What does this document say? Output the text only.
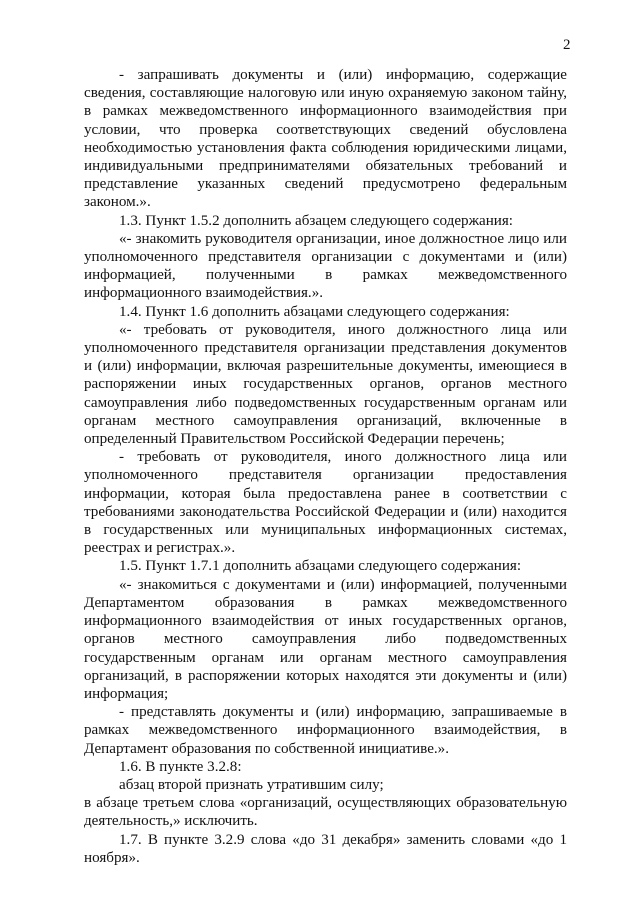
2

- запрашивать документы и (или) информацию, содержащие сведения, составляющие налоговую или иную охраняемую законом тайну, в рамках межведомственного информационного взаимодействия при условии, что проверка соответствующих сведений обусловлена необходимостью установления факта соблюдения юридическими лицами, индивидуальными предпринимателями обязательных требований и представление указанных сведений предусмотрено федеральным законом.».

1.3. Пункт 1.5.2 дополнить абзацем следующего содержания:

«- знакомить руководителя организации, иное должностное лицо или уполномоченного представителя организации с документами и (или) информацией, полученными в рамках межведомственного информационного взаимодействия.».

1.4. Пункт 1.6 дополнить абзацами следующего содержания:

«- требовать от руководителя, иного должностного лица или уполномоченного представителя организации представления документов и (или) информации, включая разрешительные документы, имеющиеся в распоряжении иных государственных органов, органов местного самоуправления либо подведомственных государственным органам или органам местного самоуправления организаций, включенные в определенный Правительством Российской Федерации перечень;

- требовать от руководителя, иного должностного лица или уполномоченного представителя организации предоставления информации, которая была предоставлена ранее в соответствии с требованиями законодательства Российской Федерации и (или) находится в государственных или муниципальных информационных системах, реестрах и регистрах.».

1.5. Пункт 1.7.1 дополнить абзацами следующего содержания:

«- знакомиться с документами и (или) информацией, полученными Департаментом образования в рамках межведомственного информационного взаимодействия от иных государственных органов, органов местного самоуправления либо подведомственных государственным органам или органам местного самоуправления организаций, в распоряжении которых находятся эти документы и (или) информация;

- представлять документы и (или) информацию, запрашиваемые в рамках межведомственного информационного взаимодействия, в Департамент образования по собственной инициативе.».

1.6. В пункте 3.2.8:

абзац второй признать утратившим силу;

в абзаце третьем слова «организаций, осуществляющих образовательную деятельность,» исключить.

1.7. В пункте 3.2.9 слова «до 31 декабря» заменить словами «до 1 ноября».
